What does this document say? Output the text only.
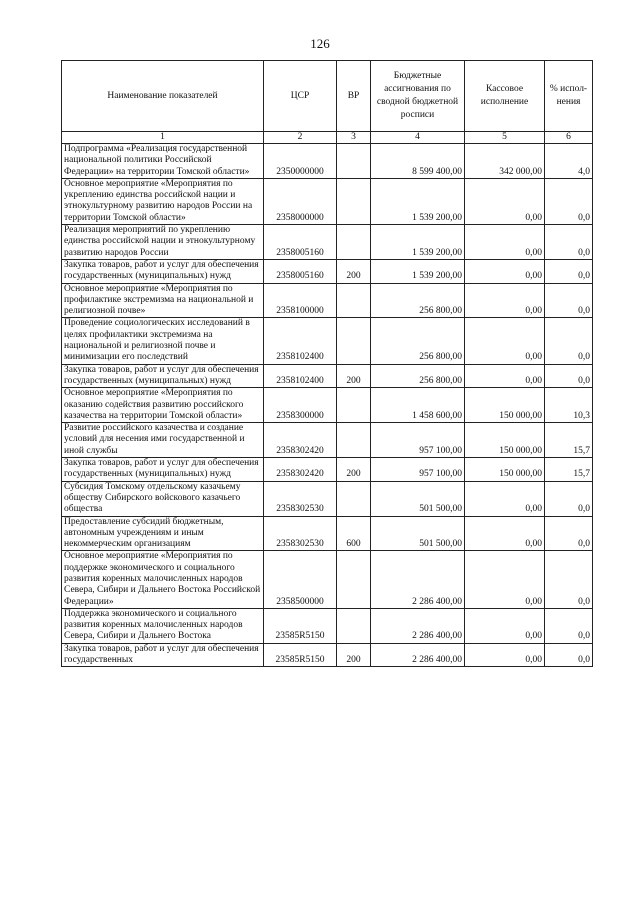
126
Наименование показателей	ЦСР	ВР	Бюджетные ассигнования по сводной бюджетной росписи	Кассовое исполнение	% испол-нения
1	2	3	4	5	6
Подпрограмма «Реализация государственной национальной политики Российской Федерации» на территории Томской области»	2350000000		8 599 400,00	342 000,00	4,0
Основное мероприятие «Мероприятия по укреплению единства российской нации и этнокультурному развитию народов России на территории Томской области»	2358000000		1 539 200,00	0,00	0,0
Реализация мероприятий по укреплению единства российской нации и этнокультурному развитию народов России	2358005160		1 539 200,00	0,00	0,0
Закупка товаров, работ и услуг для обеспечения государственных (муниципальных) нужд	2358005160	200	1 539 200,00	0,00	0,0
Основное мероприятие «Мероприятия по профилактике экстремизма на национальной и религиозной почве»	2358100000		256 800,00	0,00	0,0
Проведение социологических исследований в целях профилактики экстремизма на национальной и религиозной почве и минимизации его последствий	2358102400		256 800,00	0,00	0,0
Закупка товаров, работ и услуг для обеспечения государственных (муниципальных) нужд	2358102400	200	256 800,00	0,00	0,0
Основное мероприятие «Мероприятия по оказанию содействия развитию российского казачества на территории Томской области»	2358300000		1 458 600,00	150 000,00	10,3
Развитие российского казачества и создание условий для несения ими государственной и иной службы	2358302420		957 100,00	150 000,00	15,7
Закупка товаров, работ и услуг для обеспечения государственных (муниципальных) нужд	2358302420	200	957 100,00	150 000,00	15,7
Субсидия Томскому отдельскому казачьему обществу Сибирского войскового казачьего общества	2358302530		501 500,00	0,00	0,0
Предоставление субсидий бюджетным, автономным учреждениям и иным некоммерческим организациям	2358302530	600	501 500,00	0,00	0,0
Основное мероприятие «Мероприятия по поддержке экономического и социального развития коренных малочисленных народов Севера, Сибири и Дальнего Востока Российской Федерации»	2358500000		2 286 400,00	0,00	0,0
Поддержка экономического и социального развития коренных малочисленных народов Севера, Сибири и Дальнего Востока	23585R5150		2 286 400,00	0,00	0,0
Закупка товаров, работ и услуг для обеспечения государственных	23585R5150	200	2 286 400,00	0,00	0,0
